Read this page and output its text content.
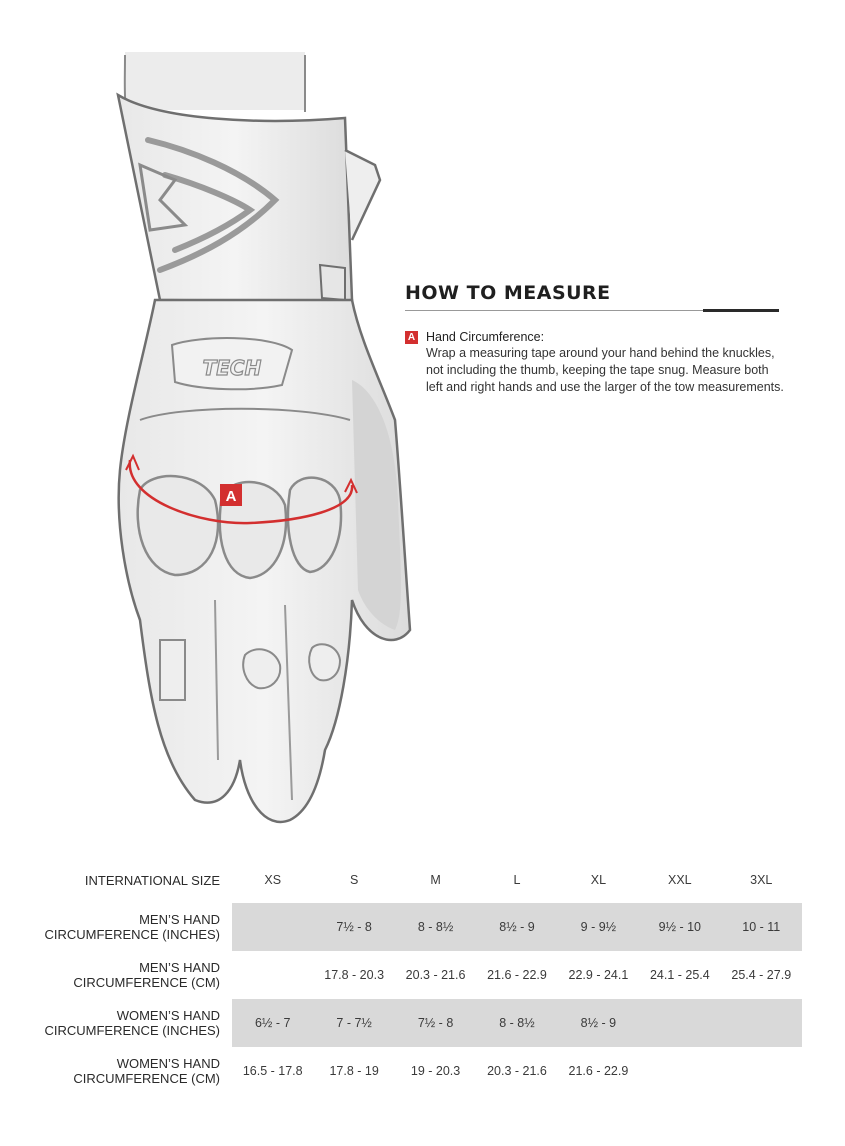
TECH
A
HOW TO MEASURE
A Hand Circumference:
Wrap a measuring tape around your hand behind the knuckles, not including the thumb, keeping the tape snug. Measure both left and right hands and use the larger of the tow measurements.
INTERNATIONAL SIZE	XS	S	M	L	XL	XXL	3XL
MEN’S HAND CIRCUMFERENCE (INCHES)		7½ - 8	8 - 8½	8½ - 9	9 - 9½	9½ - 10	10 - 11
MEN’S HAND CIRCUMFERENCE (CM)		17.8 - 20.3	20.3 - 21.6	21.6 - 22.9	22.9 - 24.1	24.1 - 25.4	25.4 - 27.9
WOMEN’S HAND CIRCUMFERENCE (INCHES)	6½ - 7	7 - 7½	7½ - 8	8 - 8½	8½ - 9		
WOMEN’S HAND CIRCUMFERENCE (CM)	16.5 - 17.8	17.8 - 19	19 - 20.3	20.3 - 21.6	21.6 - 22.9		
